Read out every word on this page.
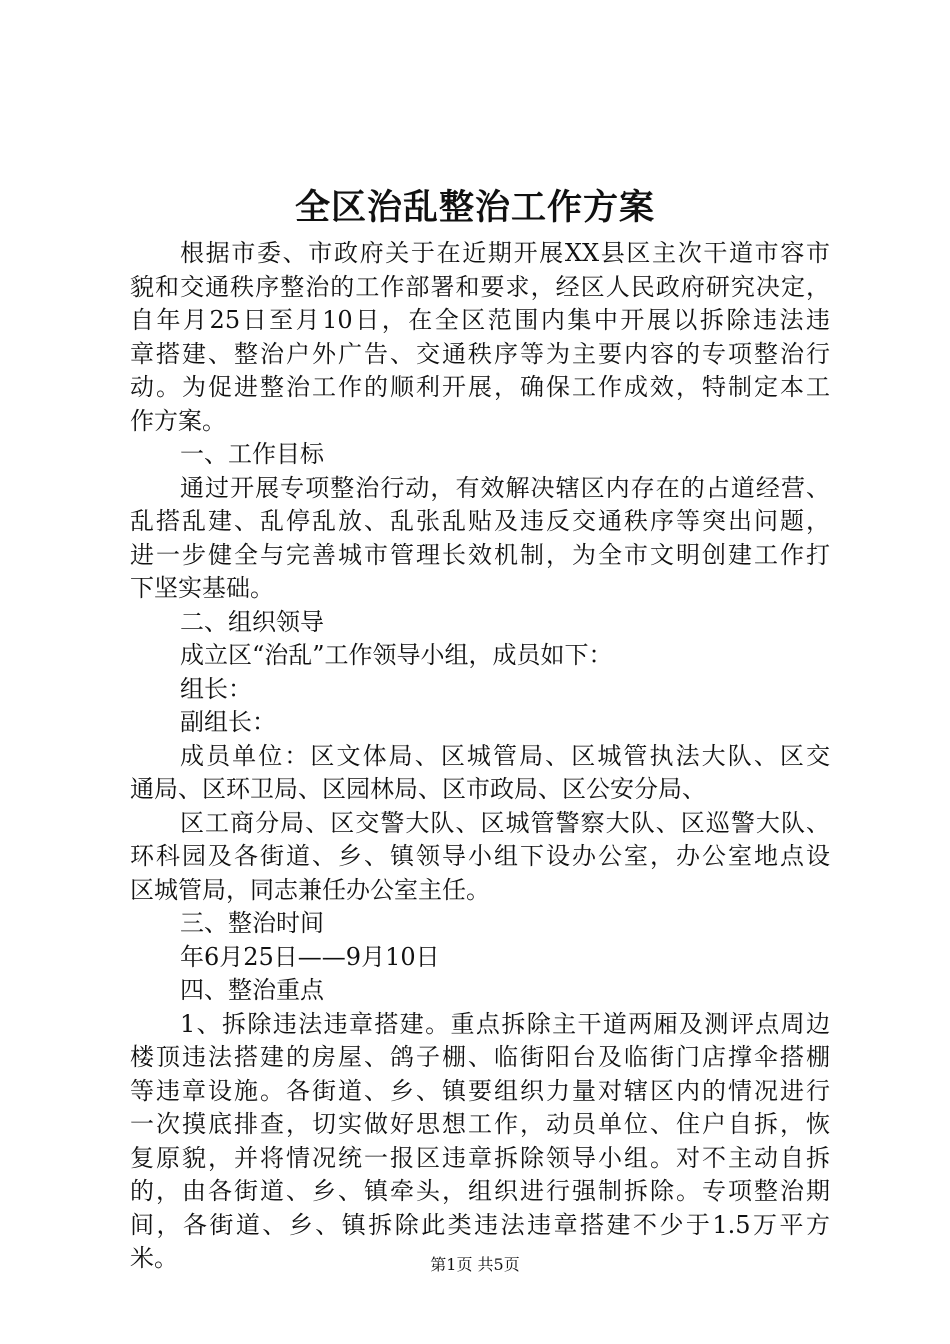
全区治乱整治工作方案
根据市委、市政府关于在近期开展XX县区主次干道市容市
貌和交通秩序整治的工作部署和要求，经区人民政府研究决定，
自年月25日至月10日，在全区范围内集中开展以拆除违法违
章搭建、整治户外广告、交通秩序等为主要内容的专项整治行
动。为促进整治工作的顺利开展，确保工作成效，特制定本工
作方案。
一、工作目标
通过开展专项整治行动，有效解决辖区内存在的占道经营、
乱搭乱建、乱停乱放、乱张乱贴及违反交通秩序等突出问题，
进一步健全与完善城市管理长效机制，为全市文明创建工作打
下坚实基础。
二、组织领导
成立区“治乱”工作领导小组，成员如下：
组长：
副组长：
成员单位：区文体局、区城管局、区城管执法大队、区交
通局、区环卫局、区园林局、区市政局、区公安分局、
区工商分局、区交警大队、区城管警察大队、区巡警大队、
环科园及各街道、乡、镇领导小组下设办公室，办公室地点设
区城管局，同志兼任办公室主任。
三、整治时间
年6月25日——9月10日
四、整治重点
1、拆除违法违章搭建。重点拆除主干道两厢及测评点周边
楼顶违法搭建的房屋、鸽子棚、临街阳台及临街门店撑伞搭棚
等违章设施。各街道、乡、镇要组织力量对辖区内的情况进行
一次摸底排查，切实做好思想工作，动员单位、住户自拆，恢
复原貌，并将情况统一报区违章拆除领导小组。对不主动自拆
的，由各街道、乡、镇牵头，组织进行强制拆除。专项整治期
间，各街道、乡、镇拆除此类违法违章搭建不少于1.5万平方
米。	第1页 共5页
